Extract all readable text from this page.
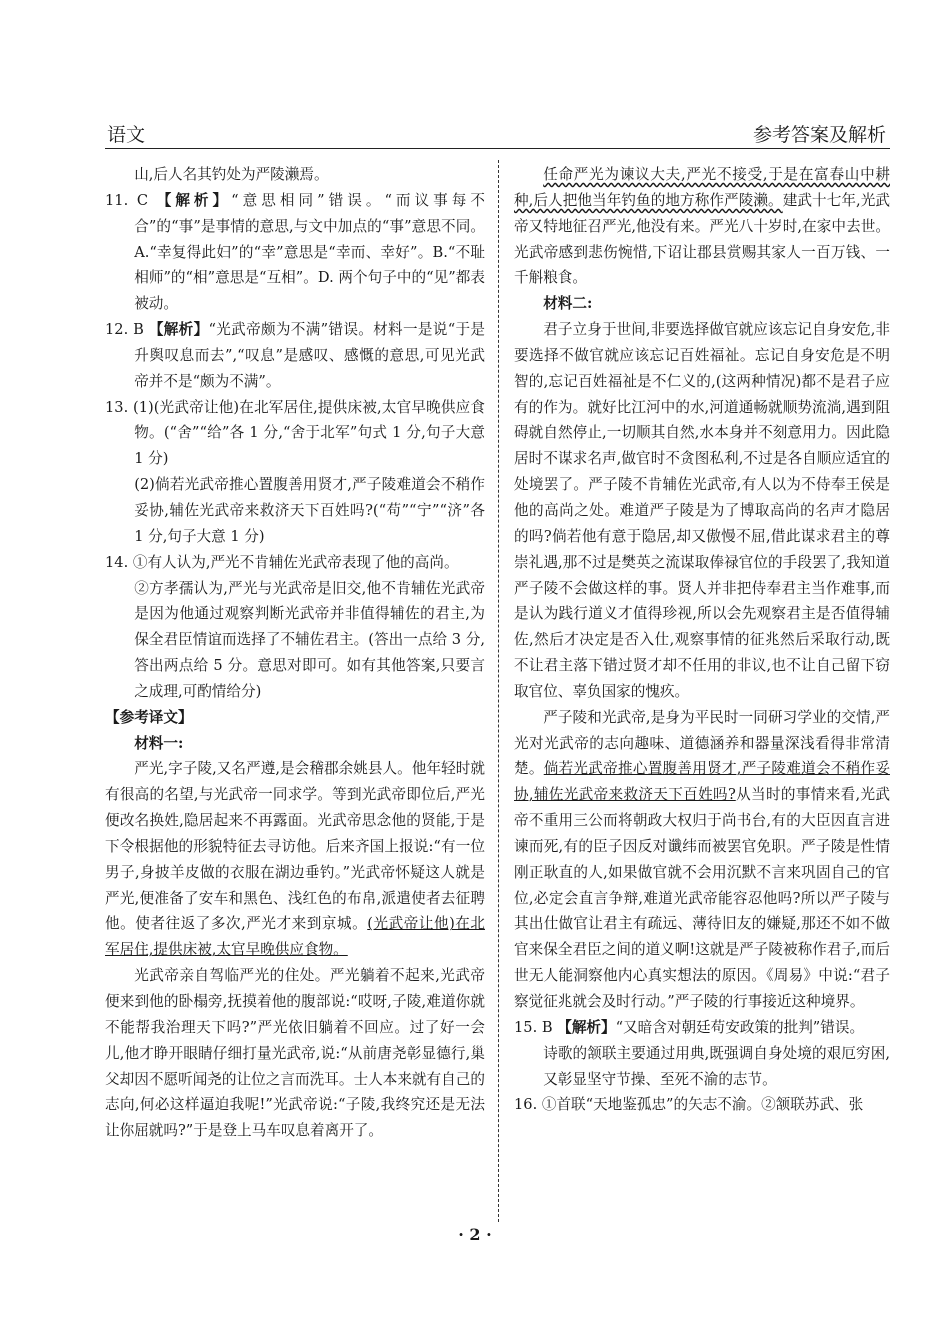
语文	参考答案及解析

山,后人名其钓处为严陵濑焉。

11. C 【解析】“意思相同”错误。“而议事每不合”的“事”是事情的意思,与文中加点的“事”意思不同。A.“幸复得此妇”的“幸”意思是“幸而、幸好”。B.“不耻相师”的“相”意思是“互相”。D. 两个句子中的“见”都表被动。

12. B 【解析】“光武帝颇为不满”错误。材料一是说“于是升舆叹息而去”,“叹息”是感叹、感慨的意思,可见光武帝并不是“颇为不满”。

13. (1)(光武帝让他)在北军居住,提供床被,太官早晚供应食物。(“舍”“给”各 1 分,“舍于北军”句式 1 分,句子大意 1 分)

(2)倘若光武帝推心置腹善用贤才,严子陵难道会不稍作妥协,辅佐光武帝来救济天下百姓吗?(“苟”“宁”“济”各 1 分,句子大意 1 分)

14. ①有人认为,严光不肯辅佐光武帝表现了他的高尚。

②方孝孺认为,严光与光武帝是旧交,他不肯辅佐光武帝是因为他通过观察判断光武帝并非值得辅佐的君主,为保全君臣情谊而选择了不辅佐君主。(答出一点给 3 分,答出两点给 5 分。意思对即可。如有其他答案,只要言之成理,可酌情给分)

【参考译文】

材料一:

严光,字子陵,又名严遵,是会稽郡余姚县人。他年轻时就有很高的名望,与光武帝一同求学。等到光武帝即位后,严光便改名换姓,隐居起来不再露面。光武帝思念他的贤能,于是下令根据他的形貌特征去寻访他。后来齐国上报说:“有一位男子,身披羊皮做的衣服在湖边垂钓。”光武帝怀疑这人就是严光,便准备了安车和黑色、浅红色的布帛,派遣使者去征聘他。使者往返了多次,严光才来到京城。(光武帝让他)在北军居住,提供床被,太官早晚供应食物。

光武帝亲自驾临严光的住处。严光躺着不起来,光武帝便来到他的卧榻旁,抚摸着他的腹部说:“哎呀,子陵,难道你就不能帮我治理天下吗?”严光依旧躺着不回应。过了好一会儿,他才睁开眼睛仔细打量光武帝,说:“从前唐尧彰显德行,巢父却因不愿听闻尧的让位之言而洗耳。士人本来就有自己的志向,何必这样逼迫我呢!”光武帝说:“子陵,我终究还是无法让你屈就吗?”于是登上马车叹息着离开了。

任命严光为谏议大夫,严光不接受,于是在富春山中耕种,后人把他当年钓鱼的地方称作严陵濑。建武十七年,光武帝又特地征召严光,他没有来。严光八十岁时,在家中去世。光武帝感到悲伤惋惜,下诏让郡县赏赐其家人一百万钱、一千斛粮食。

材料二:

君子立身于世间,非要选择做官就应该忘记自身安危,非要选择不做官就应该忘记百姓福祉。忘记自身安危是不明智的,忘记百姓福祉是不仁义的,(这两种情况)都不是君子应有的作为。就好比江河中的水,河道通畅就顺势流淌,遇到阻碍就自然停止,一切顺其自然,水本身并不刻意用力。因此隐居时不谋求名声,做官时不贪图私利,不过是各自顺应适宜的处境罢了。严子陵不肯辅佐光武帝,有人以为不侍奉王侯是他的高尚之处。难道严子陵是为了博取高尚的名声才隐居的吗?倘若他有意于隐居,却又傲慢不屈,借此谋求君主的尊崇礼遇,那不过是樊英之流谋取俸禄官位的手段罢了,我知道严子陵不会做这样的事。贤人并非把侍奉君主当作难事,而是认为践行道义才值得珍视,所以会先观察君主是否值得辅佐,然后才决定是否入仕,观察事情的征兆然后采取行动,既不让君主落下错过贤才却不任用的非议,也不让自己留下窃取官位、辜负国家的愧疚。

严子陵和光武帝,是身为平民时一同研习学业的交情,严光对光武帝的志向趣味、道德涵养和器量深浅看得非常清楚。倘若光武帝推心置腹善用贤才,严子陵难道会不稍作妥协,辅佐光武帝来救济天下百姓吗?从当时的事情来看,光武帝不重用三公而将朝政大权归于尚书台,有的大臣因直言进谏而死,有的臣子因反对谶纬而被罢官免职。严子陵是性情刚正耿直的人,如果做官就不会用沉默不言来巩固自己的官位,必定会直言争辩,难道光武帝能容忍他吗?所以严子陵与其出仕做官让君主有疏远、薄待旧友的嫌疑,那还不如不做官来保全君臣之间的道义啊!这就是严子陵被称作君子,而后世无人能洞察他内心真实想法的原因。《周易》中说:“君子察觉征兆就会及时行动。”严子陵的行事接近这种境界。

15. B 【解析】“又暗含对朝廷苟安政策的批判”错误。

诗歌的颔联主要通过用典,既强调自身处境的艰厄穷困,又彰显坚守节操、至死不渝的志节。

16. ①首联“天地鉴孤忠”的矢志不渝。②颔联苏武、张

· 2 ·
